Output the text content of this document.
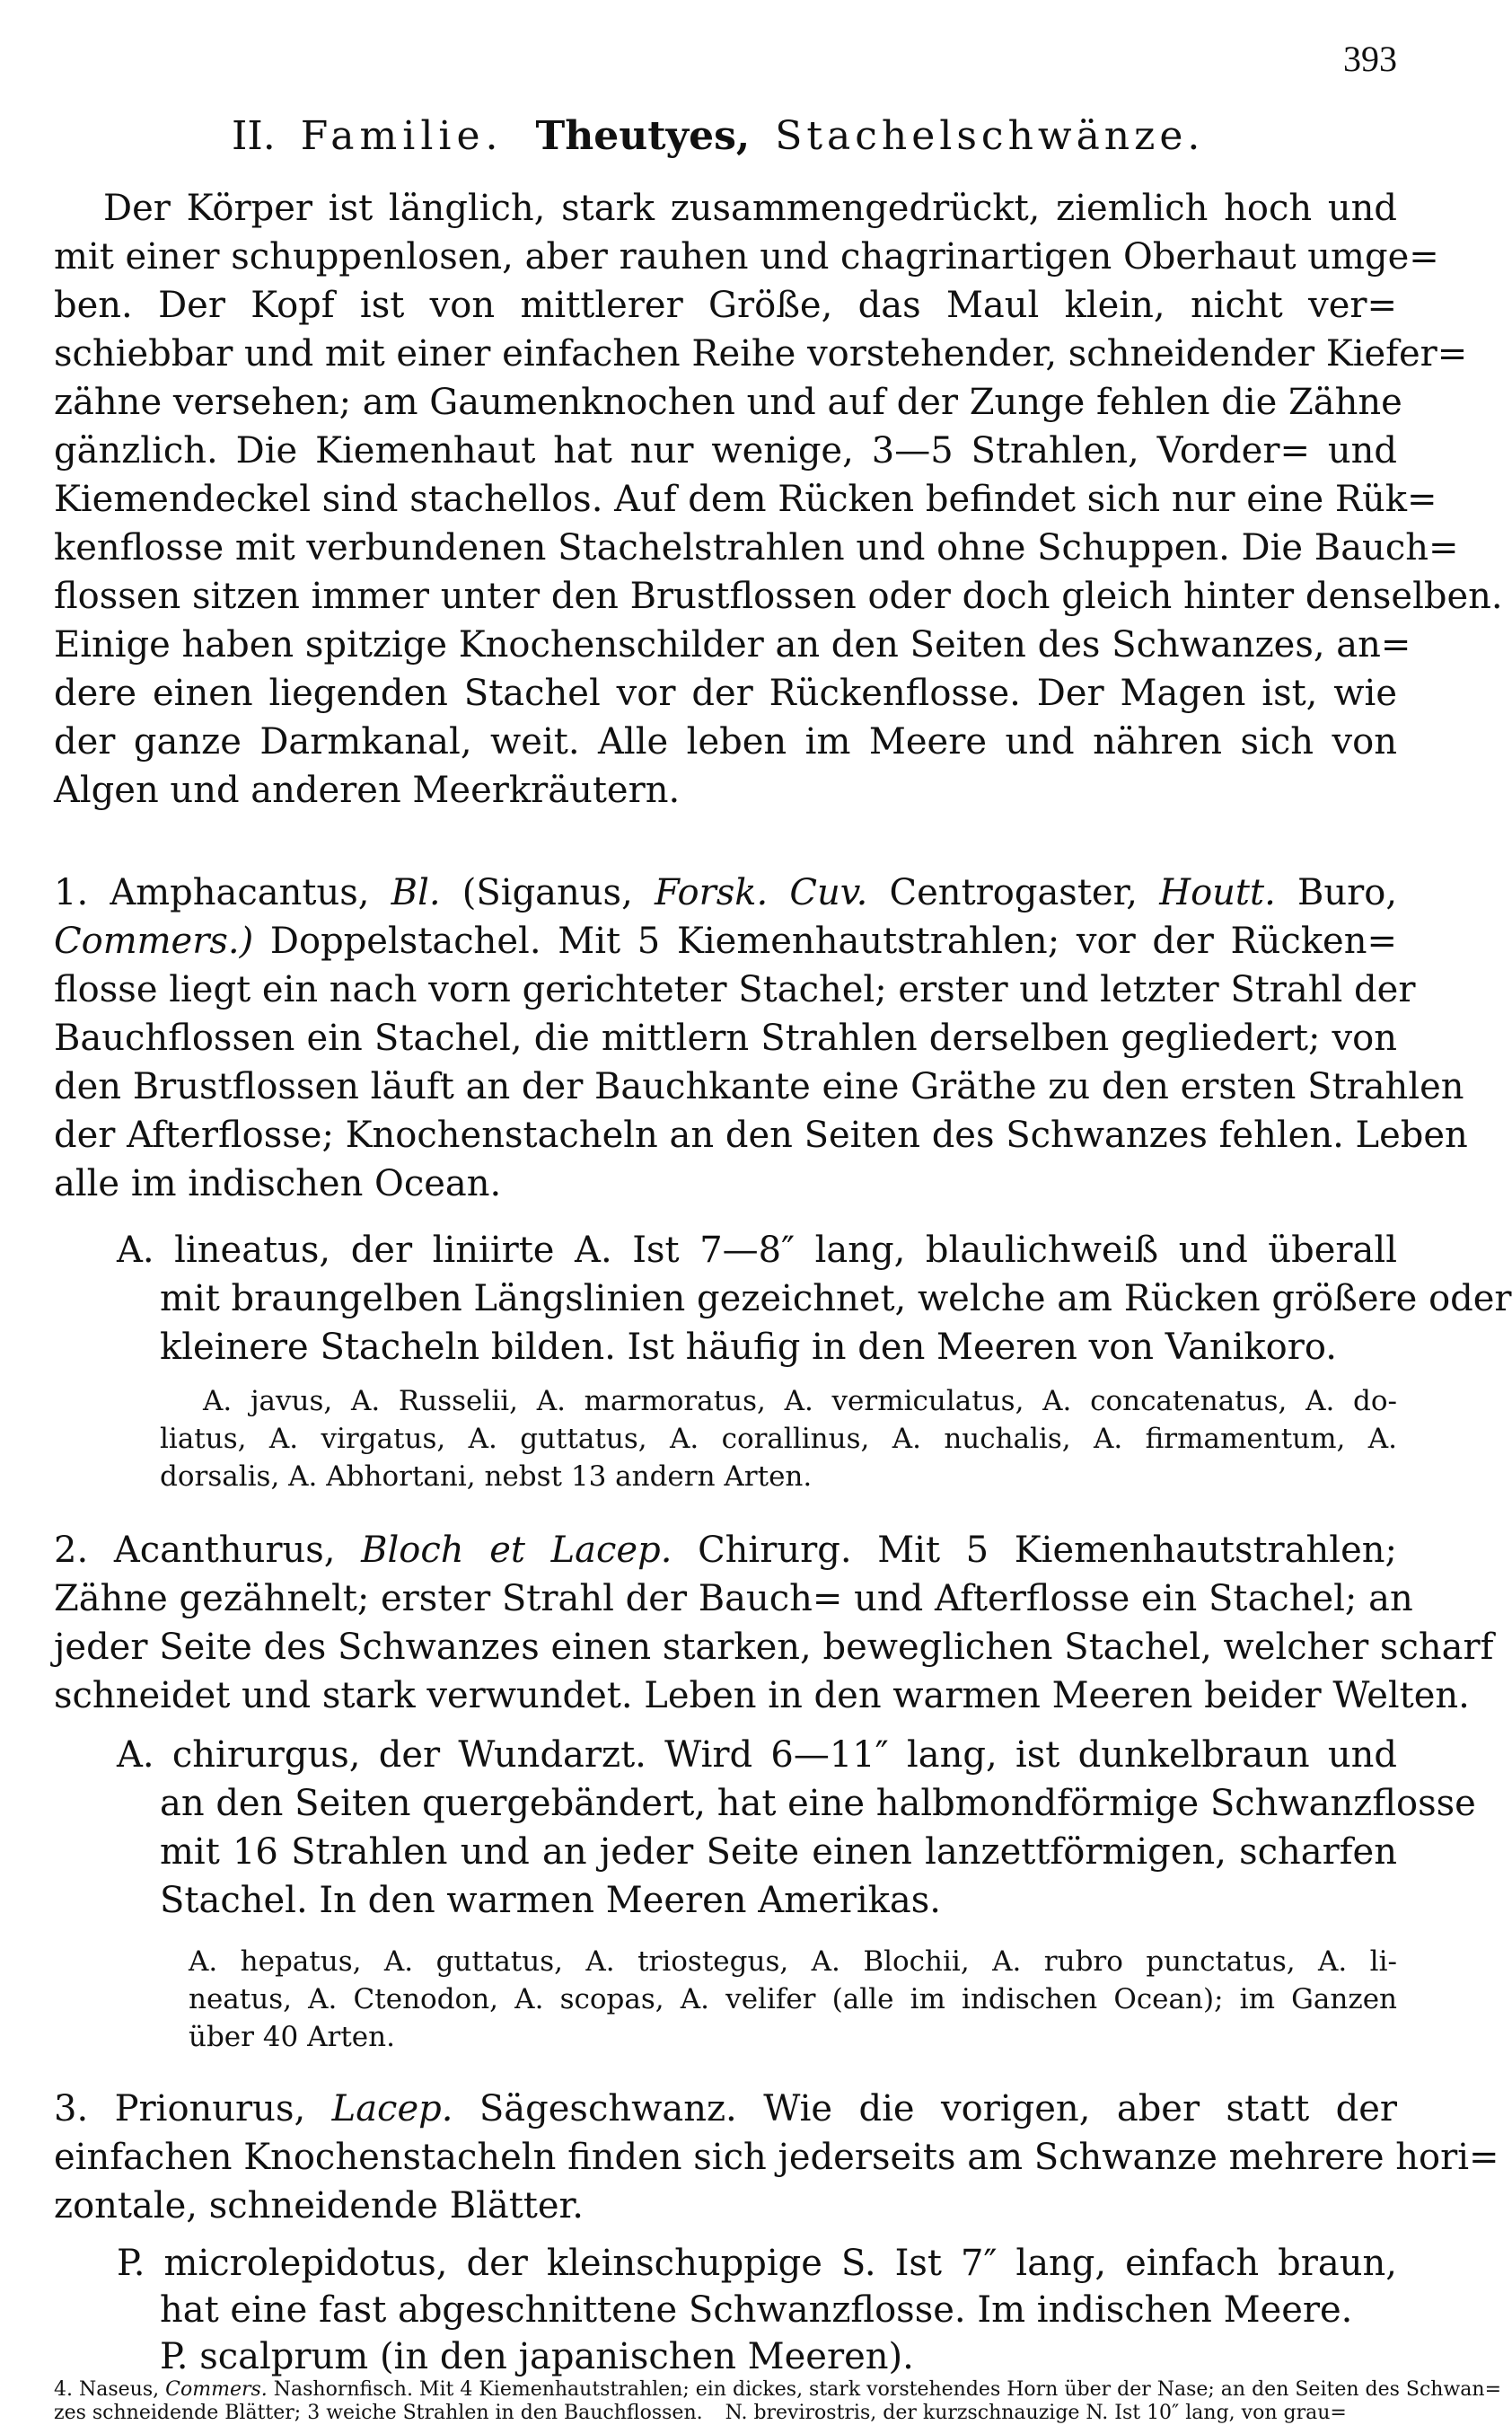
393
II. Familie. Theutyes, Stachelschwänze.
Der Körper ist länglich, stark zusammengedrückt, ziemlich hoch und
mit einer schuppenlosen, aber rauhen und chagrinartigen Oberhaut umge=
ben. Der Kopf ist von mittlerer Größe, das Maul klein, nicht ver=
schiebbar und mit einer einfachen Reihe vorstehender, schneidender Kiefer=
zähne versehen; am Gaumenknochen und auf der Zunge fehlen die Zähne
gänzlich. Die Kiemenhaut hat nur wenige, 3—5 Strahlen, Vorder= und
Kiemendeckel sind stachellos. Auf dem Rücken befindet sich nur eine Rük=
kenflosse mit verbundenen Stachelstrahlen und ohne Schuppen. Die Bauch=
flossen sitzen immer unter den Brustflossen oder doch gleich hinter denselben.
Einige haben spitzige Knochenschilder an den Seiten des Schwanzes, an=
dere einen liegenden Stachel vor der Rückenflosse. Der Magen ist, wie
der ganze Darmkanal, weit. Alle leben im Meere und nähren sich von
Algen und anderen Meerkräutern.
1. Amphacantus, Bl. (Siganus, Forsk. Cuv. Centrogaster, Houtt. Buro,
Commers.) Doppelstachel. Mit 5 Kiemenhautstrahlen; vor der Rücken=
flosse liegt ein nach vorn gerichteter Stachel; erster und letzter Strahl der
Bauchflossen ein Stachel, die mittlern Strahlen derselben gegliedert; von
den Brustflossen läuft an der Bauchkante eine Gräthe zu den ersten Strahlen
der Afterflosse; Knochenstacheln an den Seiten des Schwanzes fehlen. Leben
alle im indischen Ocean.
A. lineatus, der liniirte A. Ist 7—8″ lang, blaulichweiß und überall
mit braungelben Längslinien gezeichnet, welche am Rücken größere oder
kleinere Stacheln bilden. Ist häufig in den Meeren von Vanikoro.
A. javus, A. Russelii, A. marmoratus, A. vermiculatus, A. concatenatus, A. do-
liatus, A. virgatus, A. guttatus, A. corallinus, A. nuchalis, A. firmamentum, A.
dorsalis, A. Abhortani, nebst 13 andern Arten.
2. Acanthurus, Bloch et Lacep. Chirurg. Mit 5 Kiemenhautstrahlen;
Zähne gezähnelt; erster Strahl der Bauch= und Afterflosse ein Stachel; an
jeder Seite des Schwanzes einen starken, beweglichen Stachel, welcher scharf
schneidet und stark verwundet. Leben in den warmen Meeren beider Welten.
A. chirurgus, der Wundarzt. Wird 6—11″ lang, ist dunkelbraun und
an den Seiten quergebändert, hat eine halbmondförmige Schwanzflosse
mit 16 Strahlen und an jeder Seite einen lanzettförmigen, scharfen
Stachel. In den warmen Meeren Amerikas.
A. hepatus, A. guttatus, A. triostegus, A. Blochii, A. rubro punctatus, A. li-
neatus, A. Ctenodon, A. scopas, A. velifer (alle im indischen Ocean); im Ganzen
über 40 Arten.
3. Prionurus, Lacep. Sägeschwanz. Wie die vorigen, aber statt der
einfachen Knochenstacheln finden sich jederseits am Schwanze mehrere hori=
zontale, schneidende Blätter.
P. microlepidotus, der kleinschuppige S. Ist 7″ lang, einfach braun,
hat eine fast abgeschnittene Schwanzflosse. Im indischen Meere.
P. scalprum (in den japanischen Meeren).
4. Naseus, Commers. Nashornfisch. Mit 4 Kiemenhautstrahlen; ein dickes, stark vorstehendes Horn über der Nase; an den Seiten des Schwan=
zes schneidende Blätter; 3 weiche Strahlen in den Bauchflossen. N. brevirostris, der kurzschnauzige N. Ist 10″ lang, von grau=
